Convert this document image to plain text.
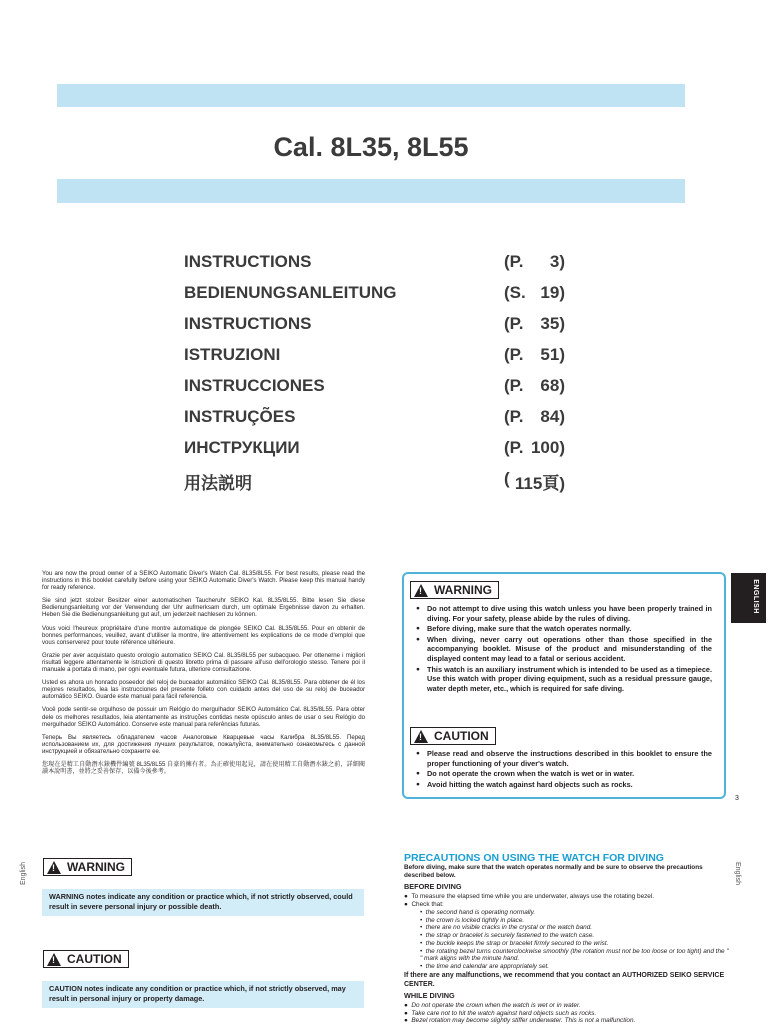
Cal. 8L35, 8L55
INSTRUCTIONS	(P. 3)
BEDIENUNGSANLEITUNG	(S. 19)
INSTRUCTIONS	(P. 35)
ISTRUZIONI	(P. 51)
INSTRUCCIONES	(P. 68)
INSTRUÇÕES	(P. 84)
ИНСТРУКЦИИ	(P. 100)
用法説明	( 115頁)

You are now the proud owner of a SEIKO Automatic Diver's Watch Cal. 8L35/8L55. For best results, please read the instructions in this booklet carefully before using your SEIKO Automatic Diver's Watch. Please keep this manual handy for ready reference.

Sie sind jetzt stolzer Besitzer einer automatischen Taucheruhr SEIKO Kal. 8L35/8L55. Bitte lesen Sie diese Bedienungsanleitung vor der Verwendung der Uhr aufmerksam durch, um optimale Ergebnisse davon zu erhalten. Heben Sie die Bedienungsanleitung gut auf, um jederzeit nachlesen zu können.

Vous voici l'heureux propriétaire d'une montre automatique de plongée SEIKO Cal. 8L35/8L55. Pour en obtenir de bonnes performances, veuillez, avant d'utiliser la montre, lire attentivement les explications de ce mode d'emploi que vous conserverez pour toute référence ultérieure.

Grazie per aver acquistato questo orologio automatico SEIKO Cal. 8L35/8L55 per subacqueo. Per ottenerne i migliori risultati leggere attentamente le istruzioni di questo libretto prima di passare all'uso dell'orologio stesso. Tenere poi il manuale a portata di mano, per ogni eventuale futura, ulteriore consultazione.

Usted es ahora un honrado poseedor del reloj de buceador automático SEIKO Cal. 8L35/8L55. Para obtener de él los mejores resultados, lea las instrucciones del presente folleto con cuidado antes del uso de su reloj de buceador automático SEIKO. Guarde este manual para fácil referencia.

Você pode sentir-se orgulhoso de possuir um Relógio do mergulhador SEIKO Automático Cal. 8L35/8L55. Para obter dele os melhores resultados, leia atentamente as instruções contidas neste opúsculo antes de usar o seu Relógio do mergulhador SEIKO Automático. Conserve este manual para referências futuras.

Теперь Вы являетесь обладателем часов Аналоговые Кварцевые часы Калибра 8L35/8L55. Перед использованием их, для достижения лучших результатов, пожалуйста, внимательно ознакомьтесь с данной инструкцией и обязательно сохраните ее.

您現在是精工自動潛水錶機件編號 8L35/8L55 自豪的擁有者。為正確使用起見，請在使用精工自動潛水錶之前，詳細閱讀本說明書，並將之妥善保存，以備今後參考。

! WARNING
● Do not attempt to dive using this watch unless you have been properly trained in diving. For your safety, please abide by the rules of diving.
● Before diving, make sure that the watch operates normally.
● When diving, never carry out operations other than those specified in the accompanying booklet. Misuse of the product and misunderstanding of the displayed content may lead to a fatal or serious accident.
● This watch is an auxiliary instrument which is intended to be used as a timepiece. Use this watch with proper diving equipment, such as a residual pressure gauge, water depth meter, etc., which is required for safe diving.
! CAUTION
● Please read and observe the instructions described in this booklet to ensure the proper functioning of your diver's watch.
● Do not operate the crown when the watch is wet or in water.
● Avoid hitting the watch against hard objects such as rocks.
ENGLISH
3
English	English
! WARNING
WARNING notes indicate any condition or practice which, if not strictly observed, could result in severe personal injury or possible death.
! CAUTION
CAUTION notes indicate any condition or practice which, if not strictly observed, may result in personal injury or property damage.
PRECAUTIONS ON USING THE WATCH FOR DIVING
Before diving, make sure that the watch operates normally and be sure to observe the precautions described below.
BEFORE DIVING
● To measure the elapsed time while you are underwater, always use the rotating bezel.
● Check that:
•  the second hand is operating normally.
•  the crown is locked tightly in place.
•  there are no visible cracks in the crystal or the watch band.
•  the strap or bracelet is securely fastened to the watch case.
•  the buckle keeps the strap or bracelet firmly secured to the wrist.
•  the rotating bezel turns counterclockwise smoothly (the rotation must not be too loose or too tight) and the " " mark aligns with the minute hand.
•  the time and calendar are appropriately set.
If there are any malfunctions, we recommend that you contact an AUTHORIZED SEIKO SERVICE CENTER.
WHILE DIVING
●  Do not operate the crown when the watch is wet or in water.
●  Take care not to hit the watch against hard objects such as rocks.
●  Bezel rotation may become slightly stiffer underwater. This is not a malfunction.
